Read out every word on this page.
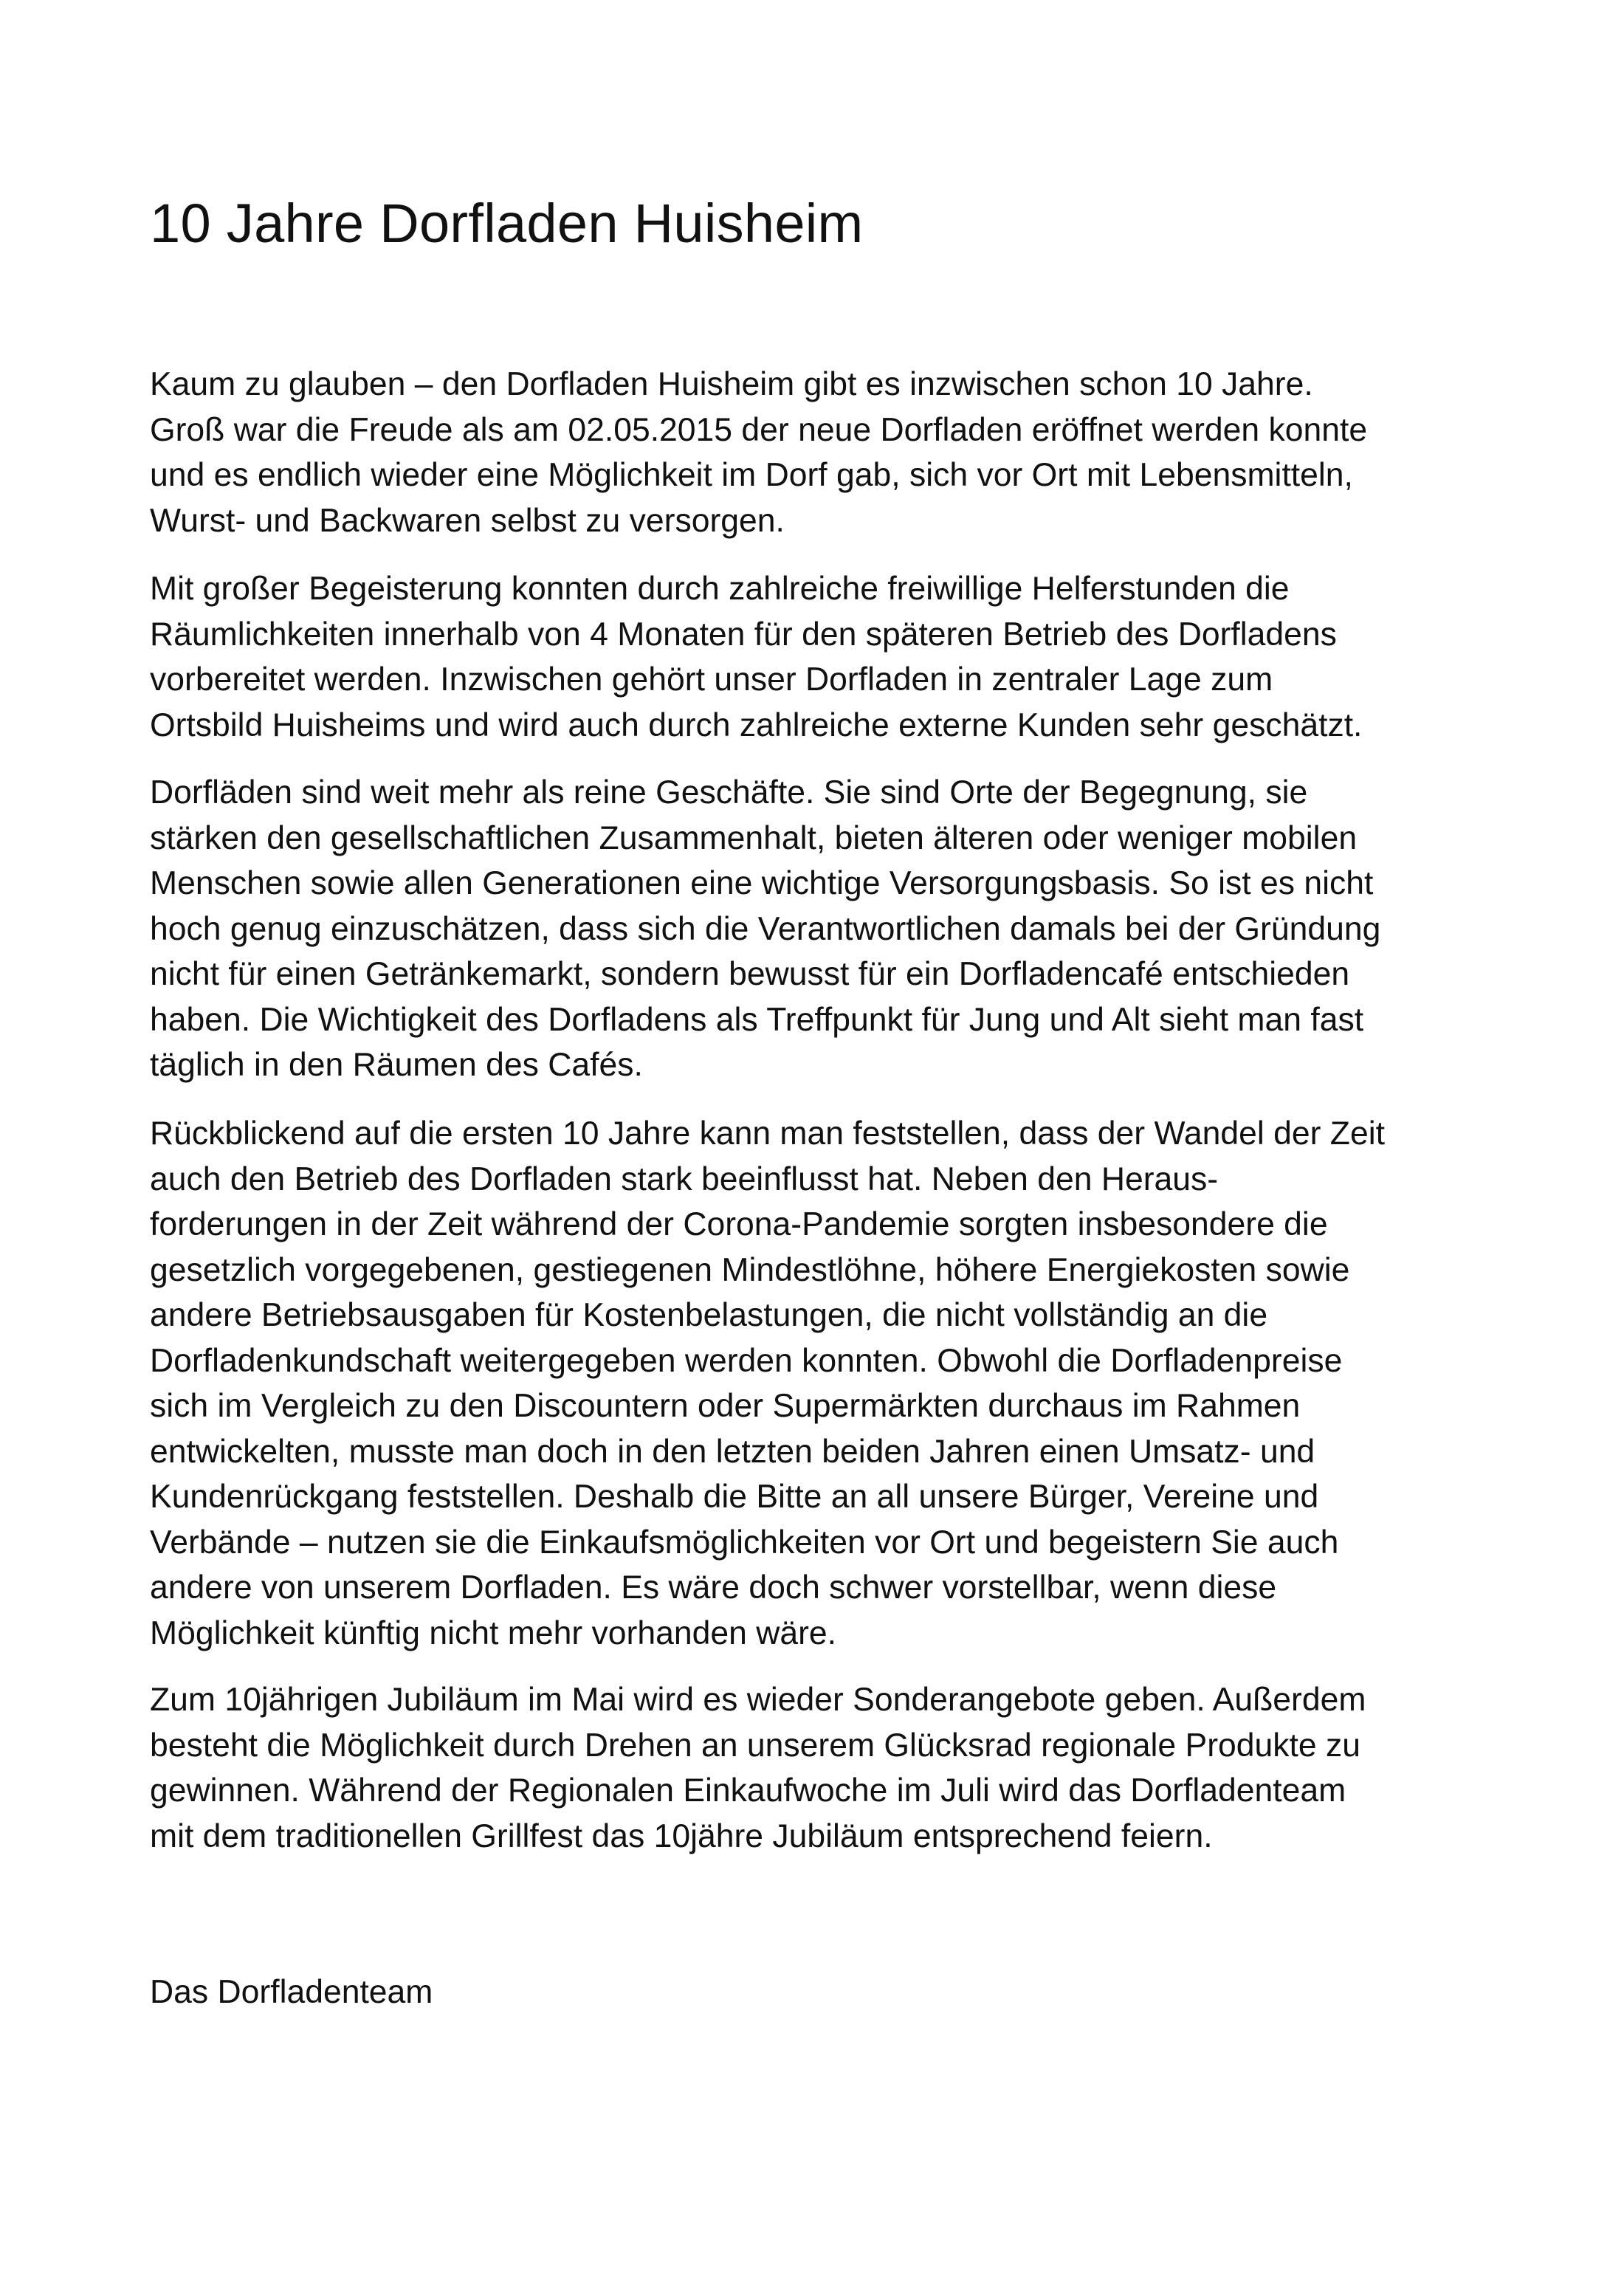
10 Jahre Dorfladen Huisheim

Kaum zu glauben – den Dorfladen Huisheim gibt es inzwischen schon 10 Jahre.
Groß war die Freude als am 02.05.2015 der neue Dorfladen eröffnet werden konnte
und es endlich wieder eine Möglichkeit im Dorf gab, sich vor Ort mit Lebensmitteln,
Wurst- und Backwaren selbst zu versorgen.

Mit großer Begeisterung konnten durch zahlreiche freiwillige Helferstunden die
Räumlichkeiten innerhalb von 4 Monaten für den späteren Betrieb des Dorfladens
vorbereitet werden. Inzwischen gehört unser Dorfladen in zentraler Lage zum
Ortsbild Huisheims und wird auch durch zahlreiche externe Kunden sehr geschätzt.

Dorfläden sind weit mehr als reine Geschäfte. Sie sind Orte der Begegnung, sie
stärken den gesellschaftlichen Zusammenhalt, bieten älteren oder weniger mobilen
Menschen sowie allen Generationen eine wichtige Versorgungsbasis. So ist es nicht
hoch genug einzuschätzen, dass sich die Verantwortlichen damals bei der Gründung
nicht für einen Getränkemarkt, sondern bewusst für ein Dorfladencafé entschieden
haben. Die Wichtigkeit des Dorfladens als Treffpunkt für Jung und Alt sieht man fast
täglich in den Räumen des Cafés.

Rückblickend auf die ersten 10 Jahre kann man feststellen, dass der Wandel der Zeit
auch den Betrieb des Dorfladen stark beeinflusst hat. Neben den Heraus-
forderungen in der Zeit während der Corona-Pandemie sorgten insbesondere die
gesetzlich vorgegebenen, gestiegenen Mindestlöhne, höhere Energiekosten sowie
andere Betriebsausgaben für Kostenbelastungen, die nicht vollständig an die
Dorfladenkundschaft weitergegeben werden konnten. Obwohl die Dorfladenpreise
sich im Vergleich zu den Discountern oder Supermärkten durchaus im Rahmen
entwickelten, musste man doch in den letzten beiden Jahren einen Umsatz- und
Kundenrückgang feststellen. Deshalb die Bitte an all unsere Bürger, Vereine und
Verbände – nutzen sie die Einkaufsmöglichkeiten vor Ort und begeistern Sie auch
andere von unserem Dorfladen. Es wäre doch schwer vorstellbar, wenn diese
Möglichkeit künftig nicht mehr vorhanden wäre.

Zum 10jährigen Jubiläum im Mai wird es wieder Sonderangebote geben. Außerdem
besteht die Möglichkeit durch Drehen an unserem Glücksrad regionale Produkte zu
gewinnen. Während der Regionalen Einkaufwoche im Juli wird das Dorfladenteam
mit dem traditionellen Grillfest das 10jähre Jubiläum entsprechend feiern.

Das Dorfladenteam
